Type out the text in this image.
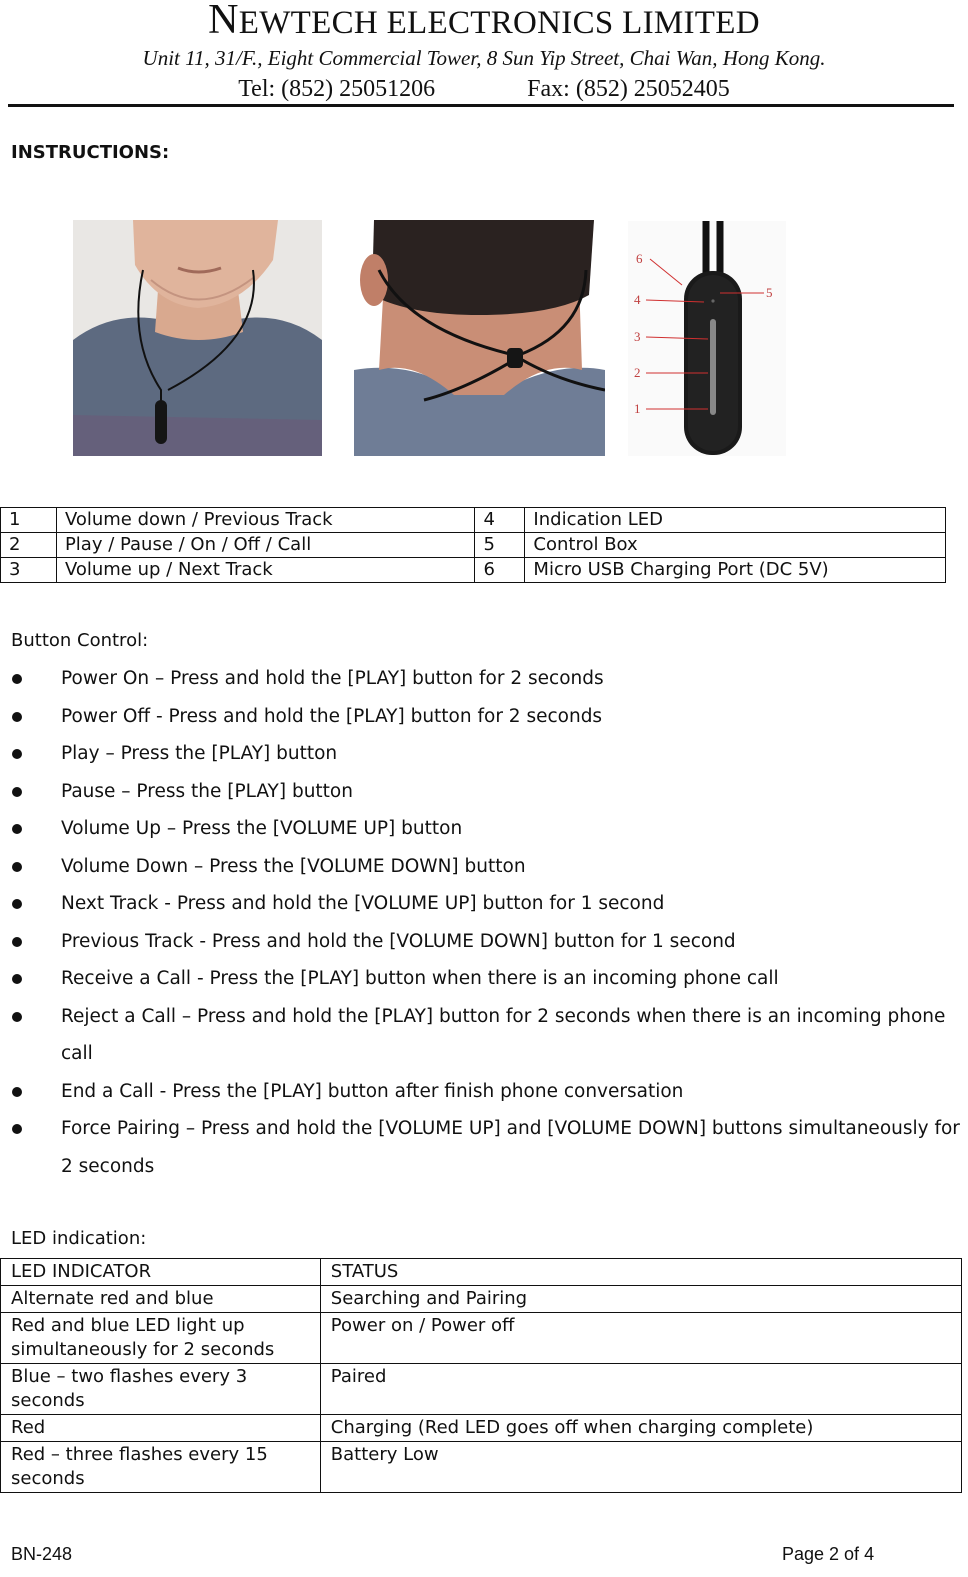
NEWTECH ELECTRONICS LIMITED
Unit 11, 31/F., Eight Commercial Tower, 8 Sun Yip Street, Chai Wan, Hong Kong.
Tel: (852) 25051206	Fax: (852) 25052405
INSTRUCTIONS:
6
4
3
2
1
5
1	Volume down / Previous Track	4	Indication LED
2	Play / Pause / On / Off / Call	5	Control Box
3	Volume up / Next Track	6	Micro USB Charging Port (DC 5V)
Button Control:
Power On – Press and hold the [PLAY] button for 2 seconds
Power Off - Press and hold the [PLAY] button for 2 seconds
Play – Press the [PLAY] button
Pause – Press the [PLAY] button
Volume Up – Press the [VOLUME UP] button
Volume Down – Press the [VOLUME DOWN] button
Next Track - Press and hold the [VOLUME UP] button for 1 second
Previous Track - Press and hold the [VOLUME DOWN] button for 1 second
Receive a Call - Press the [PLAY] button when there is an incoming phone call
Reject a Call – Press and hold the [PLAY] button for 2 seconds when there is an incoming phone call
End a Call - Press the [PLAY] button after finish phone conversation
Force Pairing – Press and hold the [VOLUME UP] and [VOLUME DOWN] buttons simultaneously for 2 seconds
LED indication:
LED INDICATOR	STATUS
Alternate red and blue	Searching and Pairing
Red and blue LED light up simultaneously for 2 seconds	Power on / Power off
Blue – two flashes every 3 seconds	Paired
Red	Charging (Red LED goes off when charging complete)
Red – three flashes every 15 seconds	Battery Low
BN-248	Page 2 of 4
